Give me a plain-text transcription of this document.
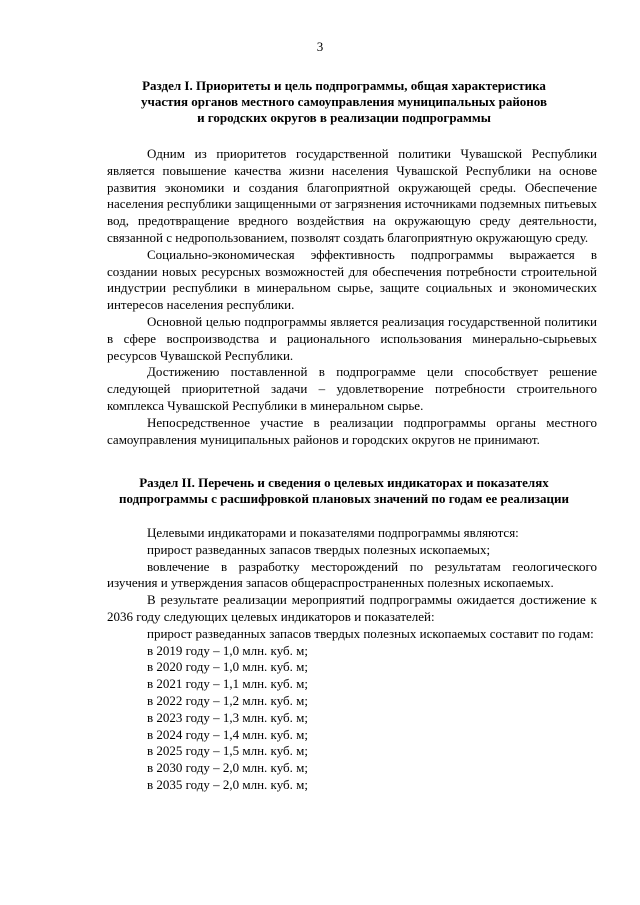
3
Раздел I. Приоритеты и цель подпрограммы, общая характеристика
участия органов местного самоуправления муниципальных районов
и городских округов в реализации подпрограммы

Одним из приоритетов государственной политики Чувашской Республики является повышение качества жизни населения Чувашской Республики на основе развития экономики и создания благоприятной окружающей среды. Обеспечение населения республики защищенными от загрязнения источниками подземных питьевых вод, предотвращение вредного воздействия на окружающую среду деятельности, связанной с недропользованием, позволят создать благоприятную окружающую среду.

Социально-экономическая эффективность подпрограммы выражается в создании новых ресурсных возможностей для обеспечения потребности строительной индустрии республики в минеральном сырье, защите социальных и экономических интересов населения республики.

Основной целью подпрограммы является реализация государственной политики в сфере воспроизводства и рационального использования минерально-сырьевых ресурсов Чувашской Республики.

Достижению поставленной в подпрограмме цели способствует решение следующей приоритетной задачи – удовлетворение потребности строительного комплекса Чувашской Республики в минеральном сырье.

Непосредственное участие в реализации подпрограммы органы местного самоуправления муниципальных районов и городских округов не принимают.

Раздел II. Перечень и сведения о целевых индикаторах и показателях
подпрограммы с расшифровкой плановых значений по годам ее реализации

Целевыми индикаторами и показателями подпрограммы являются:

прирост разведанных запасов твердых полезных ископаемых;

вовлечение в разработку месторождений по результатам геологического изучения и утверждения запасов общераспространенных полезных ископаемых.

В результате реализации мероприятий подпрограммы ожидается достижение к 2036 году следующих целевых индикаторов и показателей:

прирост разведанных запасов твердых полезных ископаемых составит по годам:

в 2019 году – 1,0 млн. куб. м;
в 2020 году – 1,0 млн. куб. м;
в 2021 году – 1,1 млн. куб. м;
в 2022 году – 1,2 млн. куб. м;
в 2023 году – 1,3 млн. куб. м;
в 2024 году – 1,4 млн. куб. м;
в 2025 году – 1,5 млн. куб. м;
в 2030 году – 2,0 млн. куб. м;
в 2035 году – 2,0 млн. куб. м;
